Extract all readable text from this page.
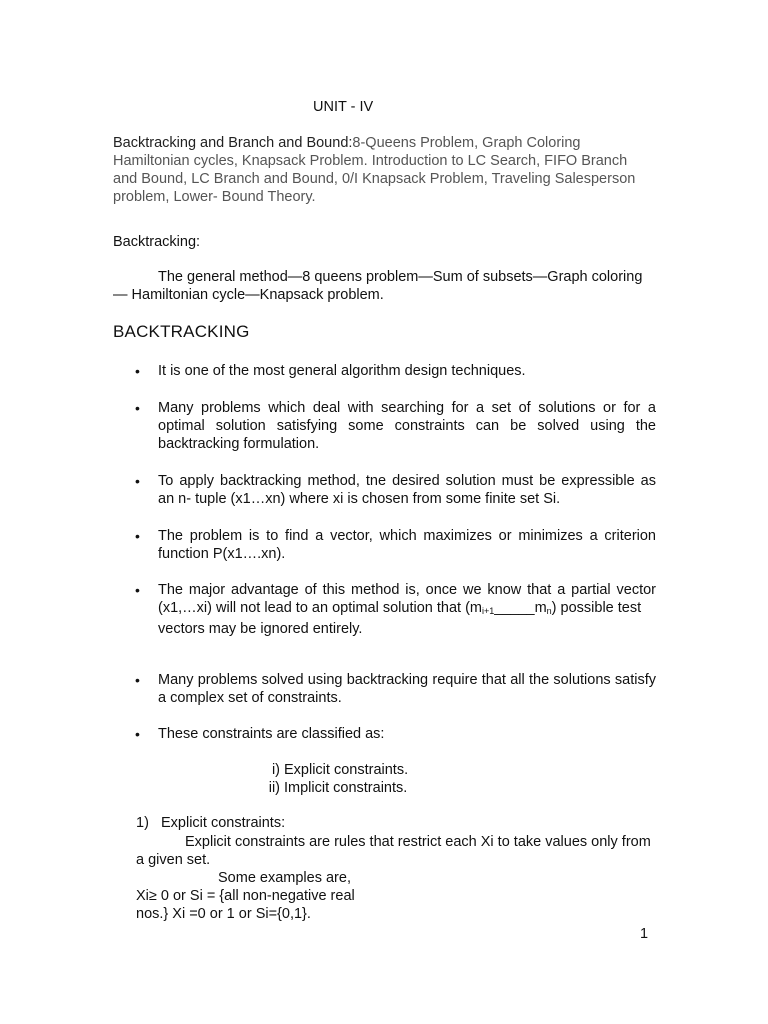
UNIT - IV
Backtracking and Branch and Bound:8-Queens Problem, Graph Coloring Hamiltonian cycles, Knapsack Problem. Introduction to LC Search, FIFO Branch and Bound, LC Branch and Bound, 0/I Knapsack Problem, Traveling Salesperson problem, Lower- Bound Theory.
Backtracking:
The general method—8 queens problem—Sum of subsets—Graph coloring— Hamiltonian cycle—Knapsack problem.
BACKTRACKING
• It is one of the most general algorithm design techniques.
• Many problems which deal with searching for a set of solutions or for a optimal solution satisfying some constraints can be solved using the backtracking formulation.
• To apply backtracking method, tne desired solution must be expressible as an n- tuple (x1…xn) where xi is chosen from some finite set Si.
• The problem is to find a vector, which maximizes or minimizes a criterion function P(x1….xn).
• The major advantage of this method is, once we know that a partial vector (x1,…xi) will not lead to an optimal solution that $(m_{i+1}\_\_\_\_\_m_n)$ possible test
vectors may be ignored entirely.
• Many problems solved using backtracking require that all the solutions satisfy a complex set of constraints.
• These constraints are classified as:
i) Explicit constraints.
ii) Implicit constraints.
1) Explicit constraints:
Explicit constraints are rules that restrict each Xi to take values only from a given set.
Some examples are,
Xi≥ 0 or Si = {all non-negative real
nos.} Xi =0 or 1 or Si={0,1}.
1
